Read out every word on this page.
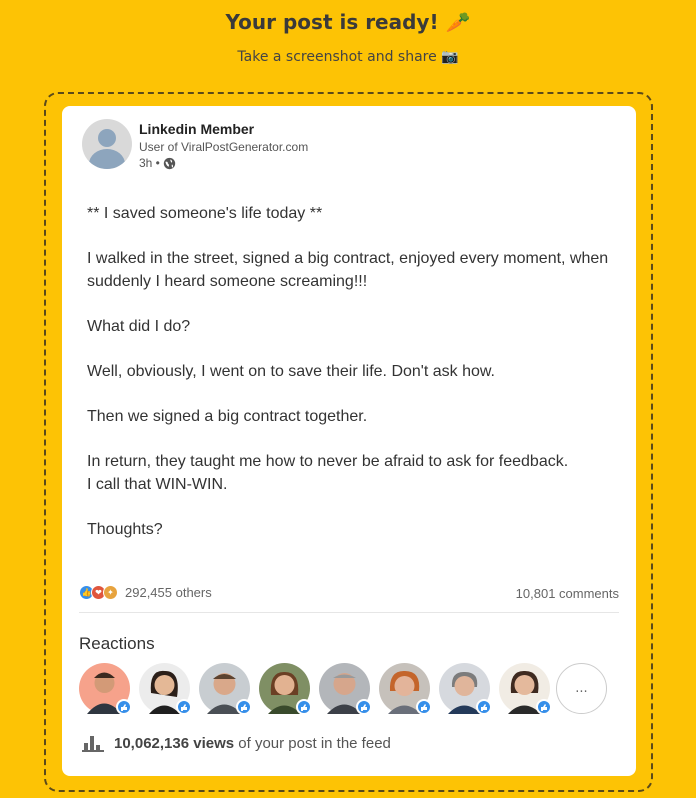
Your post is ready! 🥕
Take a screenshot and share 📷
Linkedin Member
User of ViralPostGenerator.com
3h •

** I saved someone's life today **

I walked in the street, signed a big contract, enjoyed every moment, when suddenly I heard someone screaming!!!

What did I do?

Well, obviously, I went on to save their life. Don't ask how.

Then we signed a big contract together.

In return, they taught me how to never be afraid to ask for feedback.
I call that WIN-WIN.

Thoughts?

👍 ❤ ✦ 292,455 others	10,801 comments
Reactions
...
10,062,136 views of your post in the feed
